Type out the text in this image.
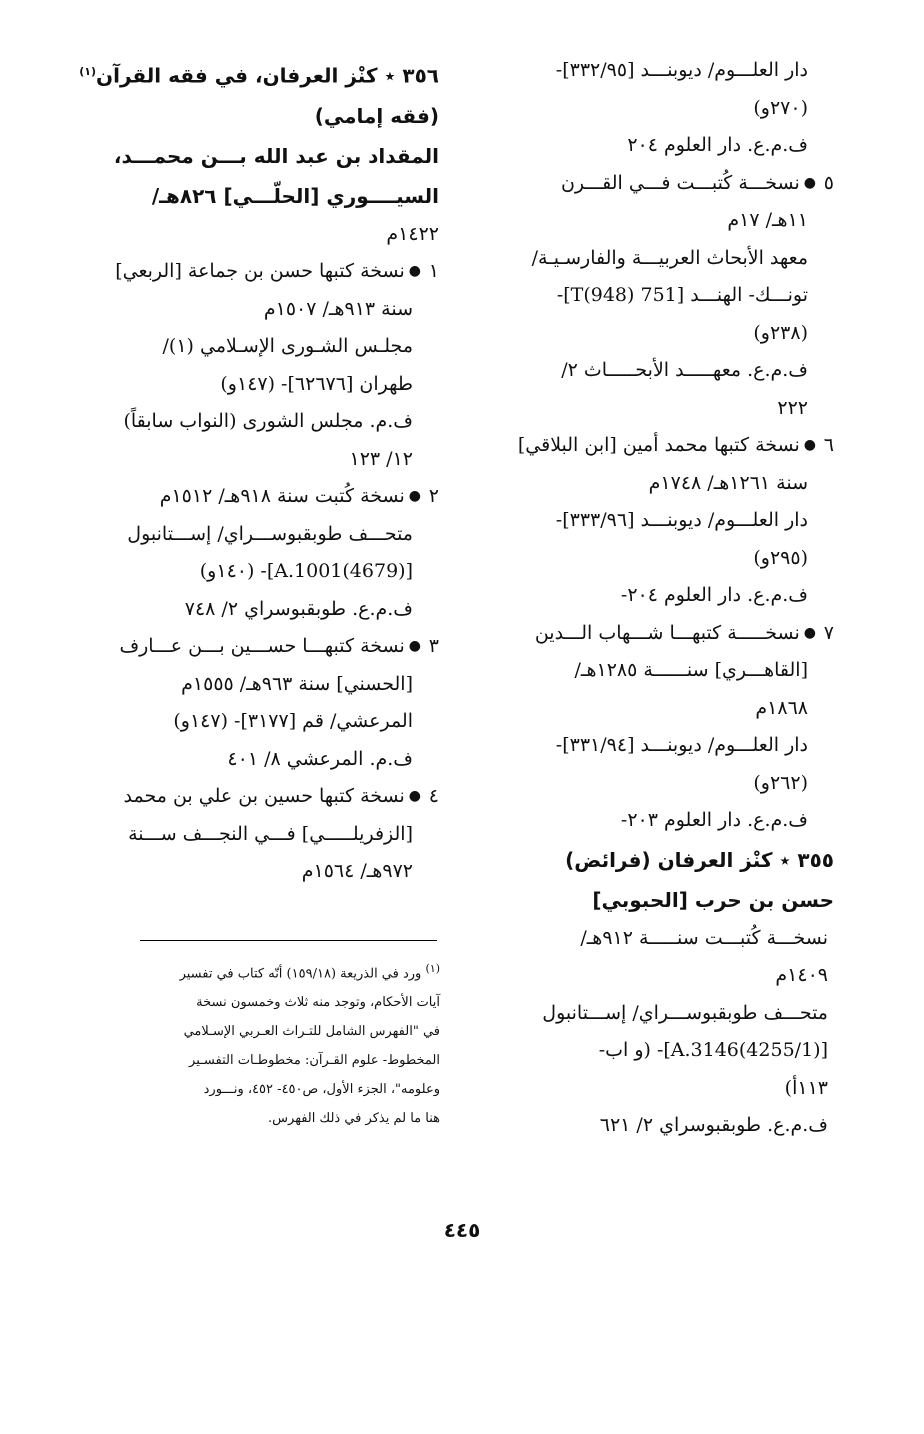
دار العلـــوم/ ديوبنـــد [٣٣٢/٩٥]-
(٢٧٠و)
ف.م.ع. دار العلوم ٢٠٤
٥●نسخـــة كُتبـــت فـــي القـــرن
١١هـ/ ١٧م
معهد الأبحاث العربيـــة والفارسـيـة/
تونـــك- الهنـــد [751 T(948)]-
(٢٣٨و)
ف.م.ع. معهـــــد الأبحـــــاث ٢/
٢٢٢
٦●نسخة كتبها محمد أمين [ابن البلاقي]
سنة ١٢٦١هـ/ ١٧٤٨م
دار العلـــوم/ ديوبنـــد [٣٣٣/٩٦]-
(٢٩٥و)
ف.م.ع. دار العلوم ٢٠٤-
٧●نسخـــــة كتبهـــا شـــهاب الـــدين
[القاهـــري] سنــــــة ١٢٨٥هـ/
١٨٦٨م
دار العلـــوم/ ديوبنـــد [٣٣١/٩٤]-
(٢٦٢و)
ف.م.ع. دار العلوم ٢٠٣-
٣٥٥ ٭ كنْز العرفان (فرائض)
حسن بن حرب [الحبوبي]
نسخـــة كُتبـــت سنـــــة ٩١٢هـ/
١٤٠٩م
متحـــف طوبقبوســـراي/ إســـتانبول
[A.3146(4255/1)]- (و اب-
١١٣أ)
ف.م.ع. طوبقبوسراي ٢/ ٦٢١
٣٥٦ ٭ كنْز العرفان، في فقه القرآن$^{(١)}$
(فقه إمامي)
المقداد بن عبد الله بـــن محمـــد،
السيــــوري [الحلّـــي] ٨٢٦هـ/
١٤٢٢م
١●نسخة كتبها حسن بن جماعة [الربعي]
سنة ٩١٣هـ/ ١٥٠٧م
مجلـس الشـورى الإسـلامي (١)/
طهران [٦٢٦٧٦]- (١٤٧و)
ف.م. مجلس الشورى (النواب سابقاً)
١٢/ ١٢٣
٢●نسخة كُتبت سنة ٩١٨هـ/ ١٥١٢م
متحـــف طوبقبوســـراي/ إســـتانبول
[A.1001(4679)]- (١٤٠و)
ف.م.ع. طوبقبوسراي ٢/ ٧٤٨
٣●نسخة كتبهـــا حســـين بـــن عـــارف
[الحسني] سنة ٩٦٣هـ/ ١٥٥٥م
المرعشي/ قم [٣١٧٧]- (١٤٧و)
ف.م. المرعشي ٨/ ٤٠١
٤●نسخة كتبها حسين بن علي بن محمد
[الزفريلـــــي] فـــي النجـــف ســـنة
٩٧٢هـ/ ١٥٦٤م
$^{(١)}$ ورد في الذريعة (١٥٩/١٨) أنّه كتاب في تفسير
آيات الأحكام، وتوجد منه ثلاث وخمسون نسخة
في "الفهرس الشامل للتـراث العـربي الإسـلامي
المخطوط- علوم القـرآن: مخطوطـات التفسـير
وعلومه"، الجزء الأول، ص٤٥٠- ٤٥٢، ونـــورد
هنا ما لم يذكر في ذلك الفهرس.
٤٤٥
